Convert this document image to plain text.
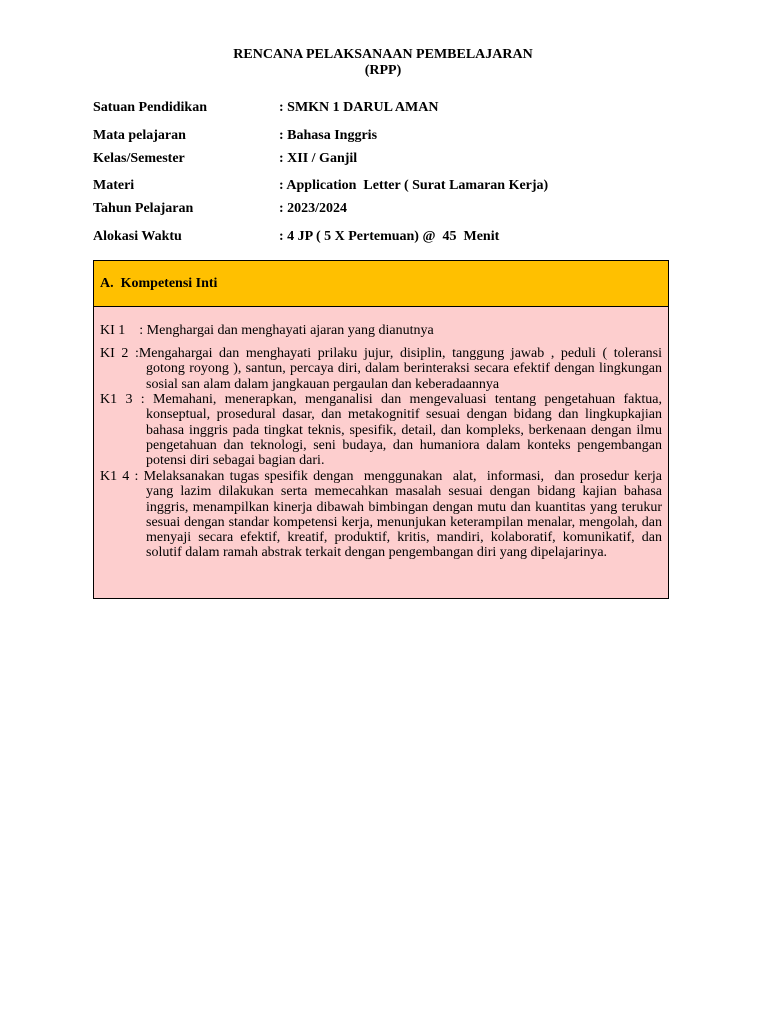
RENCANA PELAKSANAAN PEMBELAJARAN
(RPP)
Satuan Pendidikan	: SMKN 1 DARUL AMAN
Mata pelajaran	: Bahasa Inggris
Kelas/Semester	: XII / Ganjil
Materi	: Application  Letter ( Surat Lamaran Kerja)
Tahun Pelajaran	: 2023/2024
Alokasi Waktu	: 4 JP ( 5 X Pertemuan) @  45  Menit
A.  Kompetensi Inti
KI 1    : Menghargai dan menghayati ajaran yang dianutnya
KI 2 :Mengahargai dan menghayati prilaku jujur, disiplin, tanggung jawab , peduli ( toleransi gotong royong ), santun, percaya diri, dalam berinteraksi secara efektif dengan lingkungan sosial san alam dalam jangkauan pergaulan dan keberadaannya
K1 3 : Memahani, menerapkan, menganalisi dan mengevaluasi tentang pengetahuan faktua, konseptual, prosedural dasar, dan metakognitif sesuai dengan bidang dan lingkupkajian bahasa inggris pada tingkat teknis, spesifik, detail, dan kompleks, berkenaan dengan ilmu pengetahuan dan teknologi, seni budaya, dan humaniora dalam konteks pengembangan potensi diri sebagai bagian dari.
K1 4 : Melaksanakan tugas spesifik dengan  menggunakan  alat,  informasi,  dan prosedur kerja yang lazim dilakukan serta memecahkan masalah sesuai dengan bidang kajian bahasa inggris, menampilkan kinerja dibawah bimbingan dengan mutu dan kuantitas yang terukur sesuai dengan standar kompetensi kerja, menunjukan keterampilan menalar, mengolah, dan menyaji secara efektif, kreatif, produktif, kritis, mandiri, kolaboratif, komunikatif, dan solutif dalam ramah abstrak terkait dengan pengembangan diri yang dipelajarinya.
